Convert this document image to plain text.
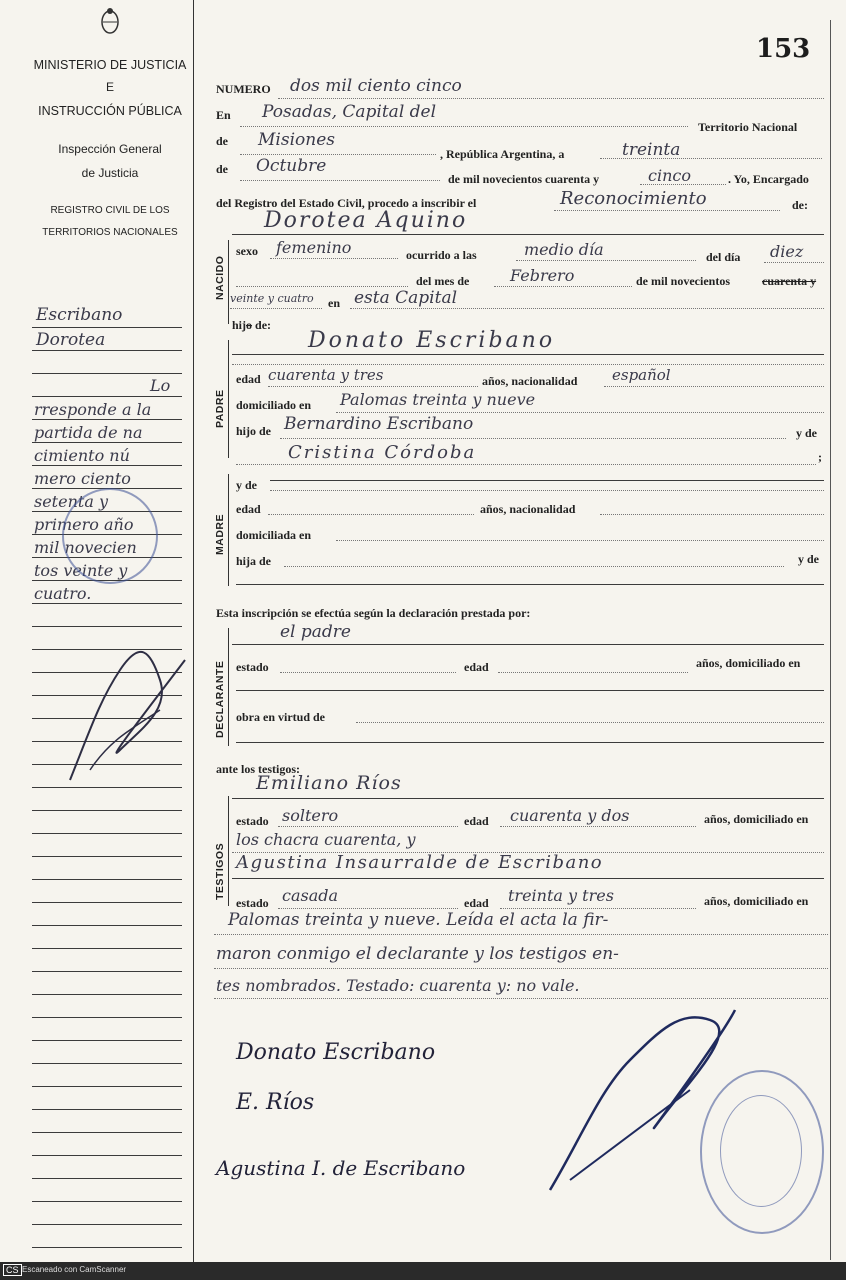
MINISTERIO DE JUSTICIA
E
INSTRUCCIÓN PÚBLICA
Inspección General
de Justicia
REGISTRO CIVIL DE LOS
TERRITORIOS NACIONALES
153
Escribano
Dorotea
Lo
rresponde a la
partida de na
cimiento nú
mero ciento
setenta y
primero año
mil novecien
tos veinte y
cuatro.
NUMERO dos mil ciento cinco
En Posadas, Capital del
Territorio Nacional
de Misiones
, República Argentina, a	treinta
de Octubre
de mil novecientos cuarenta y	cinco	. Yo, Encargado
del Registro del Estado Civil, procedo a inscribir el	Reconocimiento	de:
Dorotea Aquino
NACIDO
sexo femenino	ocurrido a las	medio día	del día diez
del mes de	Febrero	de mil novecientos	cuarenta y
veinte y cuatro en esta Capital
hijo de:
PADRE
Donato Escribano
edad cuarenta y tres	años, nacionalidad español
domiciliado en Palomas treinta y nueve
hijo de Bernardino Escribano	y de
Cristina Córdoba	;
MADRE
y de
edad	años, nacionalidad
domiciliada en
hija de	y de
Esta inscripción se efectúa según la declaración prestada por:
DECLARANTE
el padre
estado	edad	años, domiciliado en
obra en virtud de
ante los testigos:
TESTIGOS
Emiliano Ríos
estado soltero	edad cuarenta y dos	años, domiciliado en
los chacra cuarenta, y
Agustina Insaurralde de Escribano
estado casada	edad treinta y tres	años, domiciliado en
Palomas treinta y nueve. Leída el acta la fir-
maron conmigo el declarante y los testigos en-
tes nombrados. Testado: cuarenta y: no vale.
Donato Escribano
E. Ríos
Agustina I. de Escribano
CS Escaneado con CamScanner
